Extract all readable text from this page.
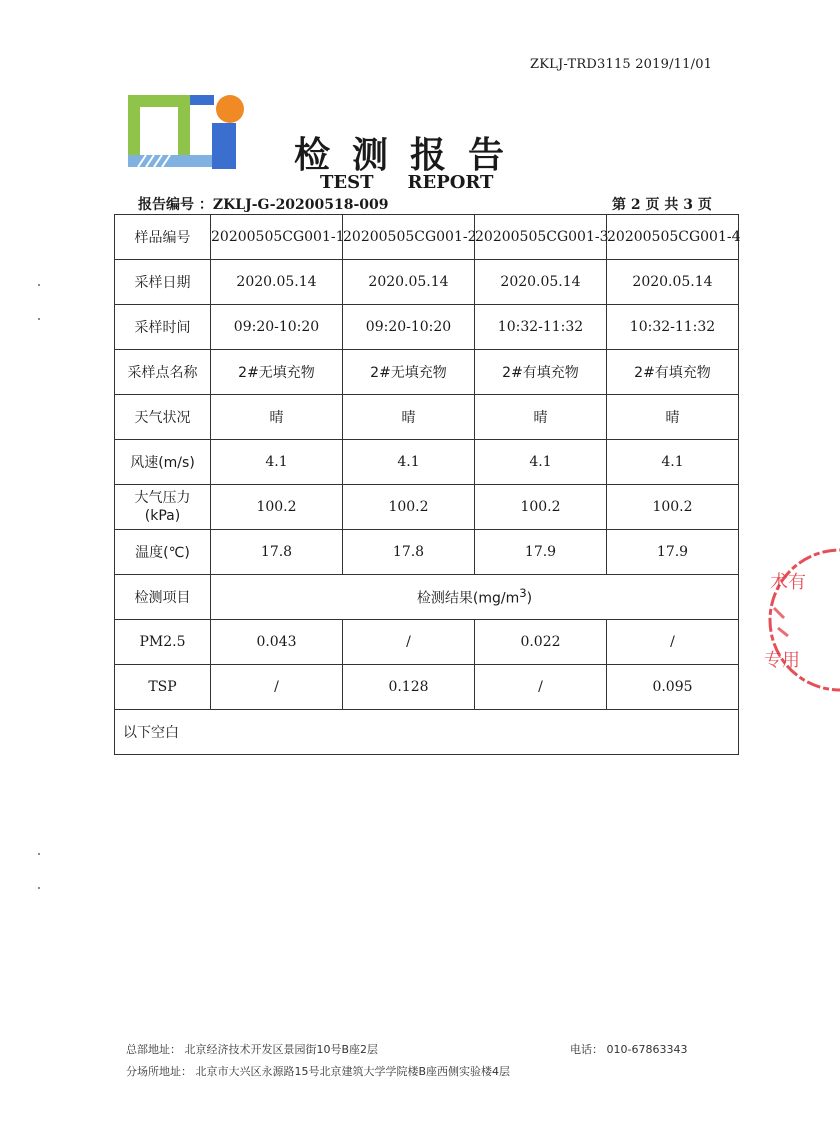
ZKLJ-TRD3115 2019/11/01
检测报告
TEST REPORT
报告编号 ：ZKLJ-G-20200518-009	第 2 页 共 3 页
样品编号	20200505CG001-1	20200505CG001-2	20200505CG001-3	20200505CG001-4
采样日期	2020.05.14	2020.05.14	2020.05.14	2020.05.14
采样时间	09:20-10:20	09:20-10:20	10:32-11:32	10:32-11:32
采样点名称	2#无填充物	2#无填充物	2#有填充物	2#有填充物
天气状况	晴	晴	晴	晴
风速(m/s)	4.1	4.1	4.1	4.1

大气压力
(kPa)	100.2	100.2	100.2	100.2
温度(℃)	17.8	17.8	17.9	17.9
检测项目	检测结果$(mg/m^3)$			
PM2.5	0.043	/	0.022	/
TSP	/	0.128	/	0.095
以下空白				
术有
专用
总部地址： 北京经济技术开发区景园街10号B座2层	电话： 010-67863343
分场所地址： 北京市大兴区永源路15号北京建筑大学学院楼B座西侧实验楼4层
